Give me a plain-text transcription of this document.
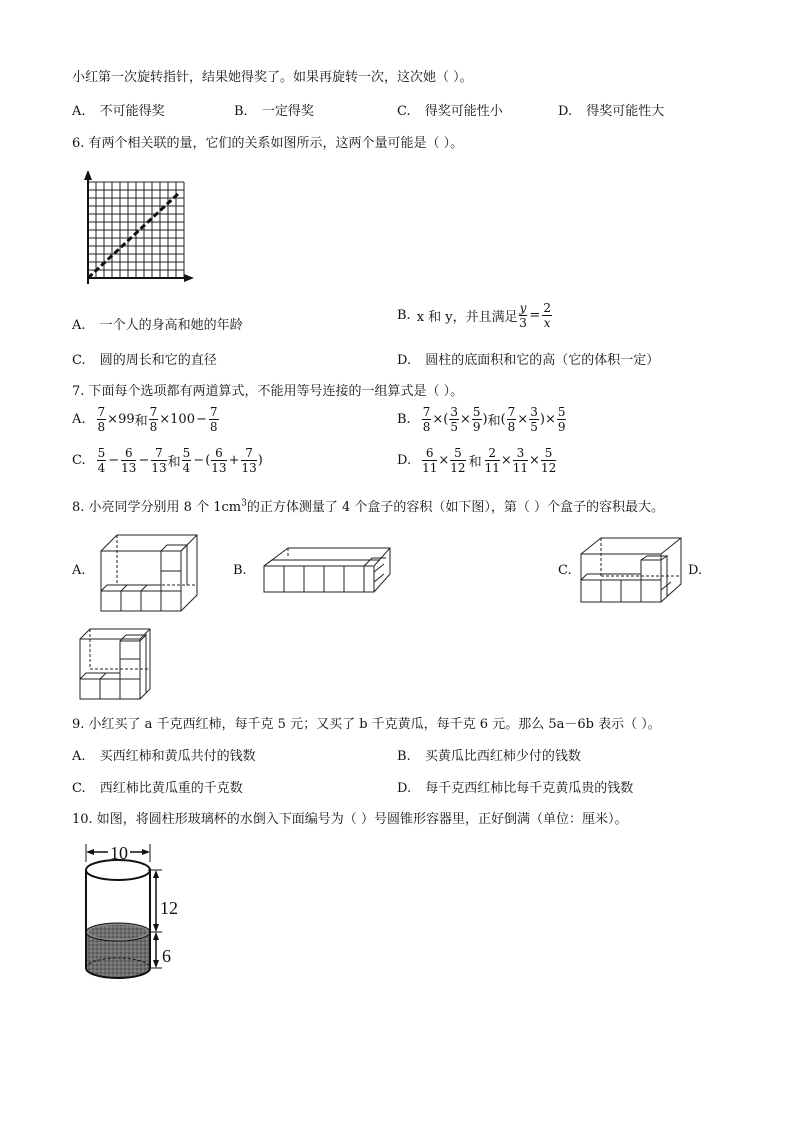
小红第一次旋转指针，结果她得奖了。如果再旋转一次，这次她（ ）。
A. 不可能得奖	B. 一定得奖	C. 得奖可能性小	D. 得奖可能性大
6. 有两个相关联的量，它们的关系如图所示，这两个量可能是（ ）。
A. 一个人的身高和她的年龄
B. x 和 y，并且满足 $\frac{y}{3} = \frac{2}{x}$
C. 圆的周长和它的直径	D. 圆柱的底面积和它的高（它的体积一定）
7. 下面每个选项都有两道算式，不能用等号连接的一组算式是（ ）。
A. $\frac{7}{8} \times 99$ 和 $\frac{7}{8} \times 100 - \frac{7}{8}$	B. $\frac{7}{8}$ × ( $\frac{3}{5} \times \frac{5}{9}$ ) 和 ( $\frac{7}{8} \times \frac{3}{5}$ ) × $\frac{5}{9}$
C. $\frac{5}{4} - \frac{6}{13} - \frac{7}{13}$ 和 $\frac{5}{4}$ − ( $\frac{6}{13} + \frac{7}{13}$ )	D. $\frac{6}{11} \times \frac{5}{12}$ 和 $\frac{2}{11} \times \frac{3}{11} \times \frac{5}{12}$
8. 小亮同学分别用 8 个 $1cm^3$的正方体测量了 4 个盒子的容积（如下图），第（ ）个盒子的容积最大。
A.	B.	C.	D.
9. 小红买了 a 千克西红柿，每千克 5 元；又买了 b 千克黄瓜，每千克 6 元。那么 5a－6b 表示（ ）。
A. 买西红柿和黄瓜共付的钱数	B. 买黄瓜比西红柿少付的钱数
C. 西红柿比黄瓜重的千克数	D. 每千克西红柿比每千克黄瓜贵的钱数
10. 如图，将圆柱形玻璃杯的水倒入下面编号为（ ）号圆锥形容器里，正好倒满（单位：厘米）。
10
12
6
